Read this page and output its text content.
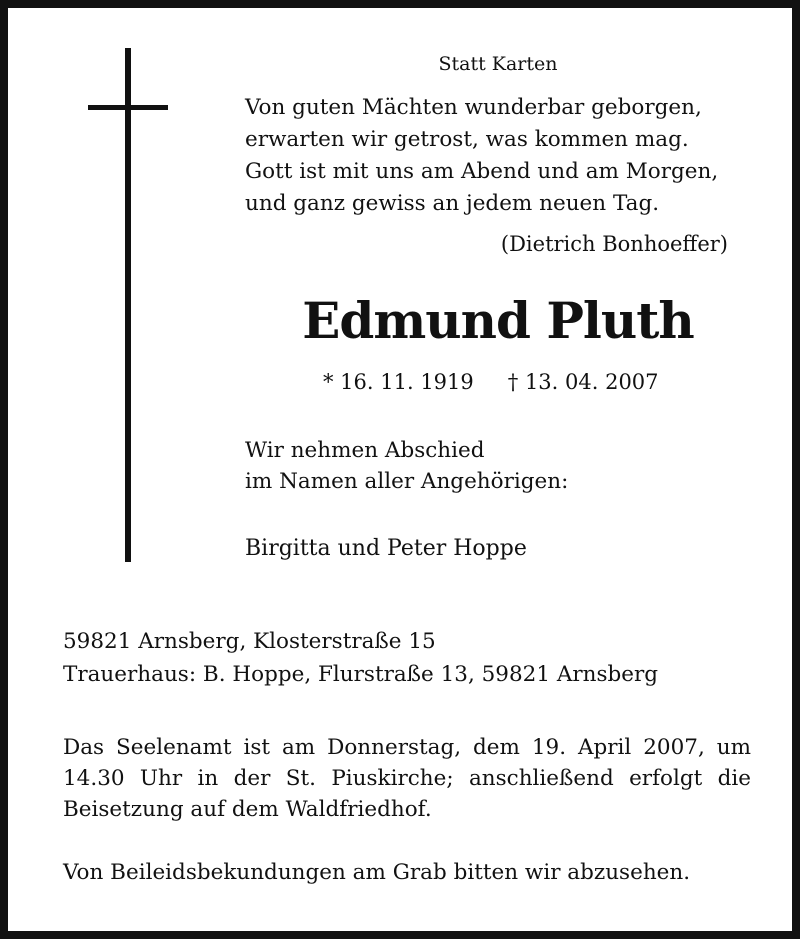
Statt Karten
Von guten Mächten wunderbar geborgen,
erwarten wir getrost, was kommen mag.
Gott ist mit uns am Abend und am Morgen,
und ganz gewiss an jedem neuen Tag.
(Dietrich Bonhoeffer)
Edmund Pluth
* 16. 11. 1919 † 13. 04. 2007
Wir nehmen Abschied
im Namen aller Angehörigen:
Birgitta und Peter Hoppe
59821 Arnsberg, Klosterstraße 15
Trauerhaus: B. Hoppe, Flurstraße 13, 59821 Arnsberg
Das Seelenamt ist am Donnerstag, dem 19. April 2007, um
14.30 Uhr in der St. Piuskirche; anschließend erfolgt die
Beisetzung auf dem Waldfriedhof.
Von Beileidsbekundungen am Grab bitten wir abzusehen.
